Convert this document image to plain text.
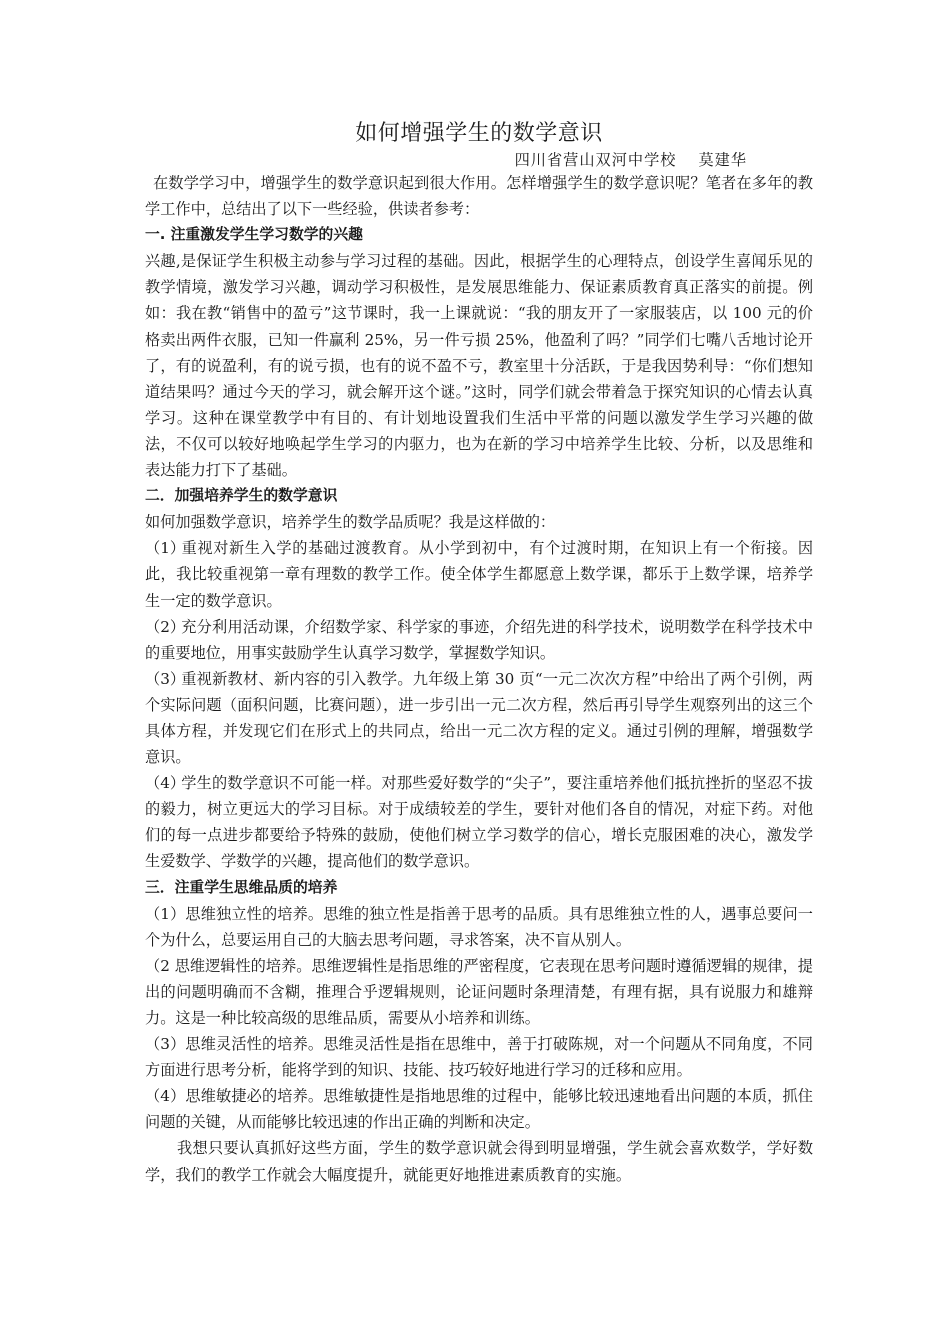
如何增强学生的数学意识

四川省营山双河中学校 莫建华

在数学学习中，增强学生的数学意识起到很大作用。怎样增强学生的数学意识呢？笔者在多年的教学工作中，总结出了以下一些经验，供读者参考：

一. 注重激发学生学习数学的兴趣

兴趣,是保证学生积极主动参与学习过程的基础。因此，根据学生的心理特点，创设学生喜闻乐见的教学情境，激发学习兴趣，调动学习积极性，是发展思维能力、保证素质教育真正落实的前提。例如：我在教“销售中的盈亏”这节课时，我一上课就说：“我的朋友开了一家服装店，以 100 元的价格卖出两件衣服，已知一件赢利 25%，另一件亏损 25%，他盈利了吗？”同学们七嘴八舌地讨论开了，有的说盈利，有的说亏损，也有的说不盈不亏，教室里十分活跃，于是我因势利导：“你们想知道结果吗？通过今天的学习，就会解开这个谜。”这时，同学们就会带着急于探究知识的心情去认真学习。这种在课堂教学中有目的、有计划地设置我们生活中平常的问题以激发学生学习兴趣的做法，不仅可以较好地唤起学生学习的内驱力，也为在新的学习中培养学生比较、分析，以及思维和表达能力打下了基础。

二．加强培养学生的数学意识

如何加强数学意识，培养学生的数学品质呢？我是这样做的：

（1）重视对新生入学的基础过渡教育。从小学到初中，有个过渡时期，在知识上有一个衔接。因此，我比较重视第一章有理数的教学工作。使全体学生都愿意上数学课，都乐于上数学课，培养学生一定的数学意识。

（2）充分利用活动课，介绍数学家、科学家的事迹，介绍先进的科学技术，说明数学在科学技术中的重要地位，用事实鼓励学生认真学习数学，掌握数学知识。

（3）重视新教材、新内容的引入教学。九年级上第 30 页“一元二次次方程”中给出了两个引例，两个实际问题（面积问题，比赛问题），进一步引出一元二次方程，然后再引导学生观察列出的这三个具体方程，并发现它们在形式上的共同点，给出一元二次方程的定义。通过引例的理解，增强数学意识。

（4）学生的数学意识不可能一样。对那些爱好数学的“尖子”，要注重培养他们抵抗挫折的坚忍不拔的毅力，树立更远大的学习目标。对于成绩较差的学生，要针对他们各自的情况，对症下药。对他们的每一点进步都要给予特殊的鼓励，使他们树立学习数学的信心，增长克服困难的决心，激发学生爱数学、学数学的兴趣，提高他们的数学意识。

三．注重学生思维品质的培养

（1）思维独立性的培养。思维的独立性是指善于思考的品质。具有思维独立性的人，遇事总要问一个为什么，总要运用自己的大脑去思考问题，寻求答案，决不盲从别人。

（2 思维逻辑性的培养。思维逻辑性是指思维的严密程度，它表现在思考问题时遵循逻辑的规律，提出的问题明确而不含糊，推理合乎逻辑规则，论证问题时条理清楚，有理有据，具有说服力和雄辩力。这是一种比较高级的思维品质，需要从小培养和训练。

（3）思维灵活性的培养。思维灵活性是指在思维中，善于打破陈规，对一个问题从不同角度，不同方面进行思考分析，能将学到的知识、技能、技巧较好地进行学习的迁移和应用。

（4）思维敏捷必的培养。思维敏捷性是指地思维的过程中，能够比较迅速地看出问题的本质，抓住问题的关键，从而能够比较迅速的作出正确的判断和决定。

我想只要认真抓好这些方面，学生的数学意识就会得到明显增强，学生就会喜欢数学，学好数学，我们的教学工作就会大幅度提升，就能更好地推进素质教育的实施。
